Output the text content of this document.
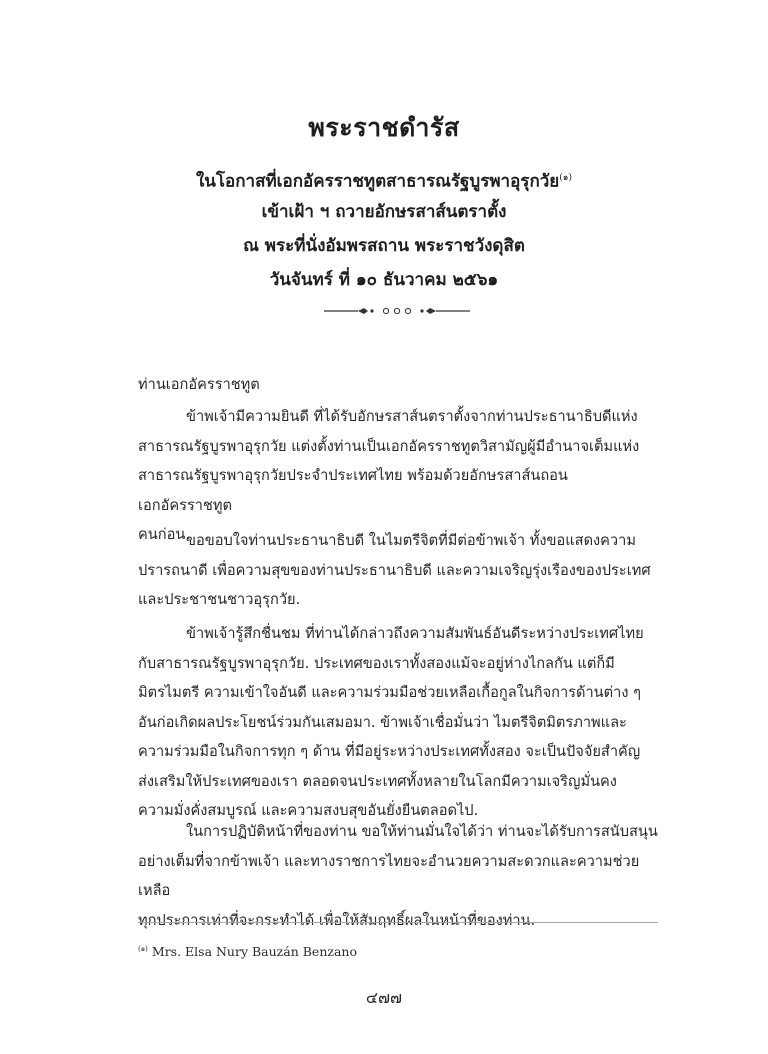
พระราชดำรัส
ในโอกาสที่เอกอัครราชทูตสาธารณรัฐบูรพาอุรุกวัย$^{(๑)}$
เข้าเฝ้า ฯ ถวายอักษรสาส์นตราตั้ง
ณ พระที่นั่งอัมพรสถาน พระราชวังดุสิต
วันจันทร์ ที่ ๑๐ ธันวาคม ๒๕๖๑
ท่านเอกอัครราชทูต

ข้าพเจ้ามีความยินดี ที่ได้รับอักษรสาส์นตราตั้งจากท่านประธานาธิบดีแห่ง

สาธารณรัฐบูรพาอุรุกวัย แต่งตั้งท่านเป็นเอกอัครราชทูตวิสามัญผู้มีอำนาจเต็มแห่ง

สาธารณรัฐบูรพาอุรุกวัยประจำประเทศไทย พร้อมด้วยอักษรสาส์นถอนเอกอัครราชทูต

คนก่อน.

ขอขอบใจท่านประธานาธิบดี ในไมตรีจิตที่มีต่อข้าพเจ้า ทั้งขอแสดงความ

ปรารถนาดี เพื่อความสุขของท่านประธานาธิบดี และความเจริญรุ่งเรืองของประเทศ

และประชาชนชาวอุรุกวัย.

ข้าพเจ้ารู้สึกชื่นชม ที่ท่านได้กล่าวถึงความสัมพันธ์อันดีระหว่างประเทศไทย

กับสาธารณรัฐบูรพาอุรุกวัย. ประเทศของเราทั้งสองแม้จะอยู่ห่างไกลกัน แต่ก็มี

มิตรไมตรี ความเข้าใจอันดี และความร่วมมือช่วยเหลือเกื้อกูลในกิจการด้านต่าง ๆ

อันก่อเกิดผลประโยชน์ร่วมกันเสมอมา. ข้าพเจ้าเชื่อมั่นว่า ไมตรีจิตมิตรภาพและ

ความร่วมมือในกิจการทุก ๆ ด้าน ที่มีอยู่ระหว่างประเทศทั้งสอง จะเป็นปัจจัยสำคัญ

ส่งเสริมให้ประเทศของเรา ตลอดจนประเทศทั้งหลายในโลกมีความเจริญมั่นคง

ความมั่งคั่งสมบูรณ์ และความสงบสุขอันยั่งยืนตลอดไป.

ในการปฏิบัติหน้าที่ของท่าน ขอให้ท่านมั่นใจได้ว่า ท่านจะได้รับการสนับสนุน

อย่างเต็มที่จากข้าพเจ้า และทางราชการไทยจะอำนวยความสะดวกและความช่วยเหลือ

ทุกประการเท่าที่จะกระทำได้ เพื่อให้สัมฤทธิ์ผลในหน้าที่ของท่าน.

$^{(๑)}$ Mrs. Elsa Nury Bauzán Benzano
๔๗๗
